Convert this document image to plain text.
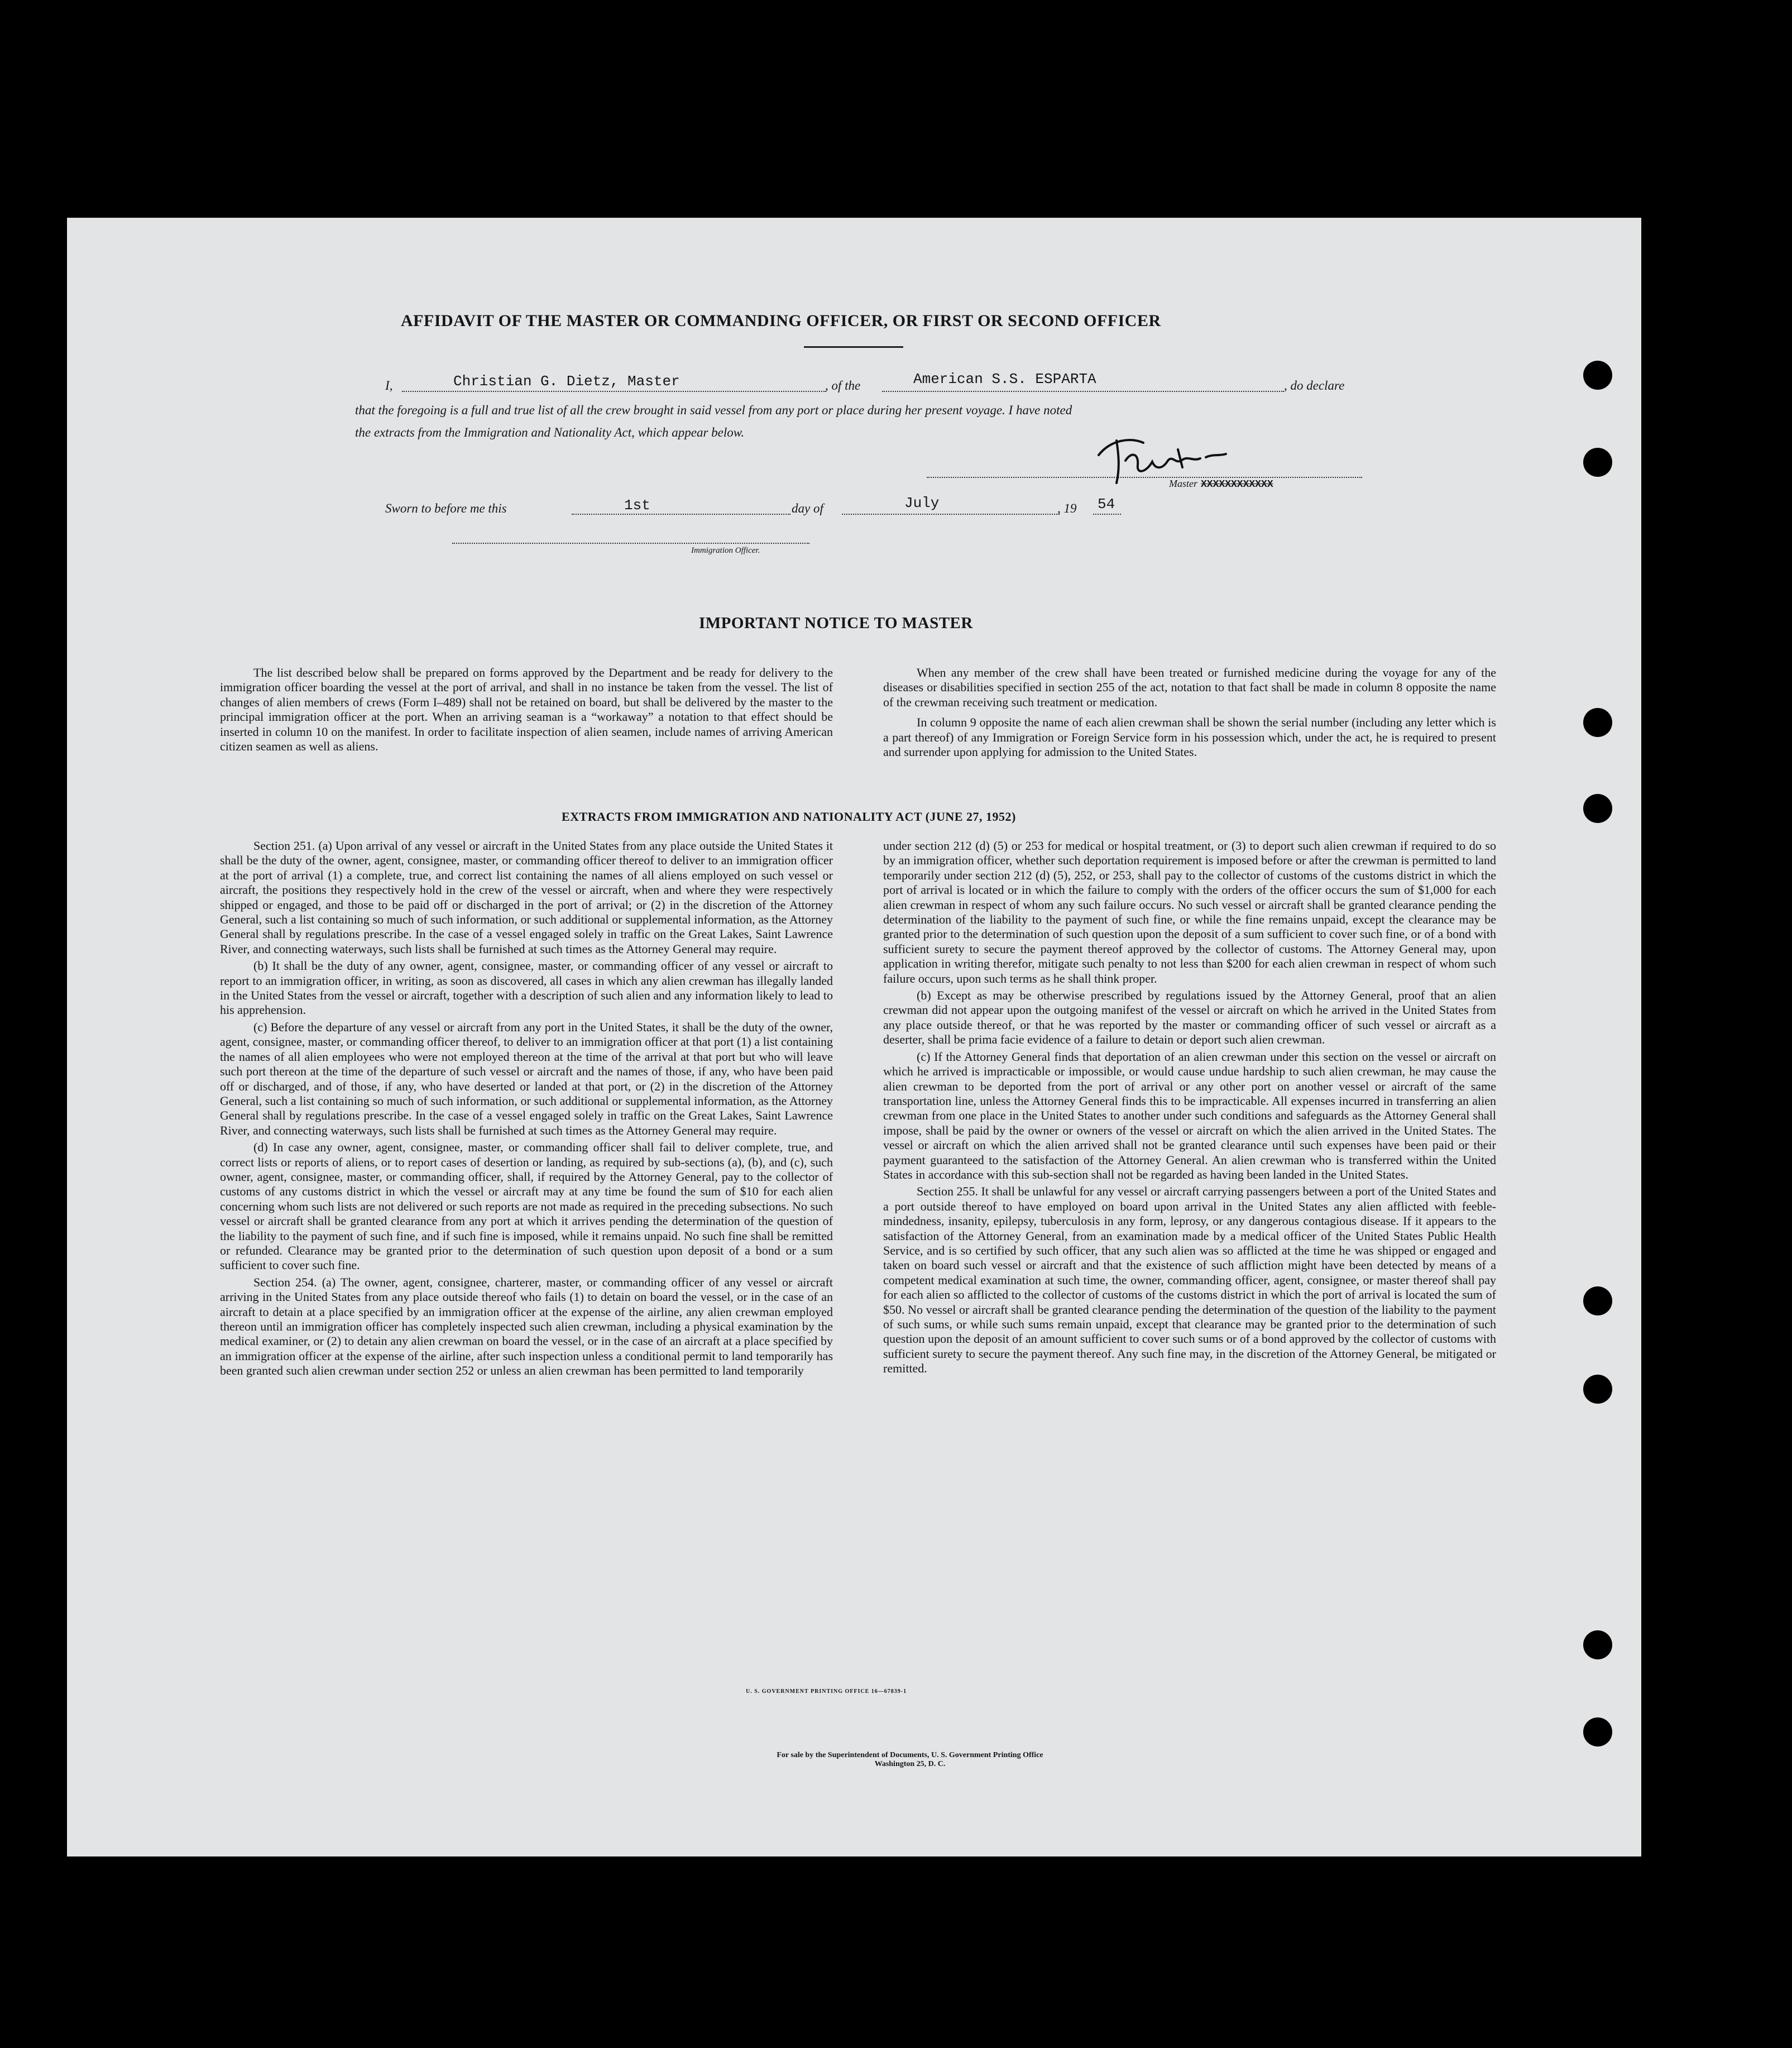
AFFIDAVIT OF THE MASTER OR COMMANDING OFFICER, OR FIRST OR SECOND OFFICER
I,	Christian G. Dietz, Master	, of the	American S.S. ESPARTA	, do declare
that the foregoing is a full and true list of all the crew brought in said vessel from any port or place during her present voyage. I have noted
the extracts from the Immigration and Nationality Act, which appear below.
Master XXXXXXXXXXXX
Sworn to before me this	1st	day of	July	, 19 54
Immigration Officer.
IMPORTANT NOTICE TO MASTER

The list described below shall be prepared on forms approved by the Department and be ready for delivery to the immigration officer boarding the vessel at the port of arrival, and shall in no instance be taken from the vessel. The list of changes of alien members of crews (Form I–489) shall not be retained on board, but shall be delivered by the master to the principal immigration officer at the port. When an arriving seaman is a “workaway” a notation to that effect should be inserted in column 10 on the manifest. In order to facilitate inspection of alien seamen, include names of arriving American citizen seamen as well as aliens.

When any member of the crew shall have been treated or furnished medicine during the voyage for any of the diseases or disabilities specified in section 255 of the act, notation to that fact shall be made in column 8 opposite the name of the crewman receiving such treatment or medication.

In column 9 opposite the name of each alien crewman shall be shown the serial number (including any letter which is a part thereof) of any Immigration or Foreign Service form in his possession which, under the act, he is required to present and surrender upon applying for admission to the United States.

EXTRACTS FROM IMMIGRATION AND NATIONALITY ACT (JUNE 27, 1952)

Section 251. (a) Upon arrival of any vessel or aircraft in the United States from any place outside the United States it shall be the duty of the owner, agent, consignee, master, or commanding officer thereof to deliver to an immigration officer at the port of arrival (1) a complete, true, and correct list containing the names of all aliens employed on such vessel or aircraft, the positions they respectively hold in the crew of the vessel or aircraft, when and where they were respectively shipped or engaged, and those to be paid off or discharged in the port of arrival; or (2) in the discretion of the Attorney General, such a list containing so much of such information, or such additional or supplemental information, as the Attorney General shall by regulations prescribe. In the case of a vessel engaged solely in traffic on the Great Lakes, Saint Lawrence River, and connecting waterways, such lists shall be furnished at such times as the Attorney General may require.

(b) It shall be the duty of any owner, agent, consignee, master, or commanding officer of any vessel or aircraft to report to an immigration officer, in writing, as soon as discovered, all cases in which any alien crewman has illegally landed in the United States from the vessel or aircraft, together with a description of such alien and any information likely to lead to his apprehension.

(c) Before the departure of any vessel or aircraft from any port in the United States, it shall be the duty of the owner, agent, consignee, master, or commanding officer thereof, to deliver to an immigration officer at that port (1) a list containing the names of all alien employees who were not employed thereon at the time of the arrival at that port but who will leave such port thereon at the time of the departure of such vessel or aircraft and the names of those, if any, who have been paid off or discharged, and of those, if any, who have deserted or landed at that port, or (2) in the discretion of the Attorney General, such a list containing so much of such information, or such additional or supplemental information, as the Attorney General shall by regulations prescribe. In the case of a vessel engaged solely in traffic on the Great Lakes, Saint Lawrence River, and connecting waterways, such lists shall be furnished at such times as the Attorney General may require.

(d) In case any owner, agent, consignee, master, or commanding officer shall fail to deliver complete, true, and correct lists or reports of aliens, or to report cases of desertion or landing, as required by sub-sections (a), (b), and (c), such owner, agent, consignee, master, or commanding officer, shall, if required by the Attorney General, pay to the collector of customs of any customs district in which the vessel or aircraft may at any time be found the sum of $10 for each alien concerning whom such lists are not delivered or such reports are not made as required in the preceding subsections. No such vessel or aircraft shall be granted clearance from any port at which it arrives pending the determination of the question of the liability to the payment of such fine, and if such fine is imposed, while it remains unpaid. No such fine shall be remitted or refunded. Clearance may be granted prior to the determination of such question upon deposit of a bond or a sum sufficient to cover such fine.

Section 254. (a) The owner, agent, consignee, charterer, master, or commanding officer of any vessel or aircraft arriving in the United States from any place outside thereof who fails (1) to detain on board the vessel, or in the case of an aircraft to detain at a place specified by an immigration officer at the expense of the airline, any alien crewman employed thereon until an immigration officer has completely inspected such alien crewman, including a physical examination by the medical examiner, or (2) to detain any alien crewman on board the vessel, or in the case of an aircraft at a place specified by an immigration officer at the expense of the airline, after such inspection unless a conditional permit to land temporarily has been granted such alien crewman under section 252 or unless an alien crewman has been permitted to land temporarily

under section 212 (d) (5) or 253 for medical or hospital treatment, or (3) to deport such alien crewman if required to do so by an immigration officer, whether such deportation requirement is imposed before or after the crewman is permitted to land temporarily under section 212 (d) (5), 252, or 253, shall pay to the collector of customs of the customs district in which the port of arrival is located or in which the failure to comply with the orders of the officer occurs the sum of $1,000 for each alien crewman in respect of whom any such failure occurs. No such vessel or aircraft shall be granted clearance pending the determination of the liability to the payment of such fine, or while the fine remains unpaid, except the clearance may be granted prior to the determination of such question upon the deposit of a sum sufficient to cover such fine, or of a bond with sufficient surety to secure the payment thereof approved by the collector of customs. The Attorney General may, upon application in writing therefor, mitigate such penalty to not less than $200 for each alien crewman in respect of whom such failure occurs, upon such terms as he shall think proper.

(b) Except as may be otherwise prescribed by regulations issued by the Attorney General, proof that an alien crewman did not appear upon the outgoing manifest of the vessel or aircraft on which he arrived in the United States from any place outside thereof, or that he was reported by the master or commanding officer of such vessel or aircraft as a deserter, shall be prima facie evidence of a failure to detain or deport such alien crewman.

(c) If the Attorney General finds that deportation of an alien crewman under this section on the vessel or aircraft on which he arrived is impracticable or impossible, or would cause undue hardship to such alien crewman, he may cause the alien crewman to be deported from the port of arrival or any other port on another vessel or aircraft of the same transportation line, unless the Attorney General finds this to be impracticable. All expenses incurred in transferring an alien crewman from one place in the United States to another under such conditions and safeguards as the Attorney General shall impose, shall be paid by the owner or owners of the vessel or aircraft on which the alien arrived in the United States. The vessel or aircraft on which the alien arrived shall not be granted clearance until such expenses have been paid or their payment guaranteed to the satisfaction of the Attorney General. An alien crewman who is transferred within the United States in accordance with this sub-section shall not be regarded as having been landed in the United States.

Section 255. It shall be unlawful for any vessel or aircraft carrying passengers between a port of the United States and a port outside thereof to have employed on board upon arrival in the United States any alien afflicted with feeble-mindedness, insanity, epilepsy, tuberculosis in any form, leprosy, or any dangerous contagious disease. If it appears to the satisfaction of the Attorney General, from an examination made by a medical officer of the United States Public Health Service, and is so certified by such officer, that any such alien was so afflicted at the time he was shipped or engaged and taken on board such vessel or aircraft and that the existence of such affliction might have been detected by means of a competent medical examination at such time, the owner, commanding officer, agent, consignee, or master thereof shall pay for each alien so afflicted to the collector of customs of the customs district in which the port of arrival is located the sum of $50. No vessel or aircraft shall be granted clearance pending the determination of the question of the liability to the payment of such sums, or while such sums remain unpaid, except that clearance may be granted prior to the determination of such question upon the deposit of an amount sufficient to cover such sums or of a bond approved by the collector of customs with sufficient surety to secure the payment thereof. Any such fine may, in the discretion of the Attorney General, be mitigated or remitted.

U. S. GOVERNMENT PRINTING OFFICE 16—67839-1
For sale by the Superintendent of Documents, U. S. Government Printing Office
Washington 25, D. C.
